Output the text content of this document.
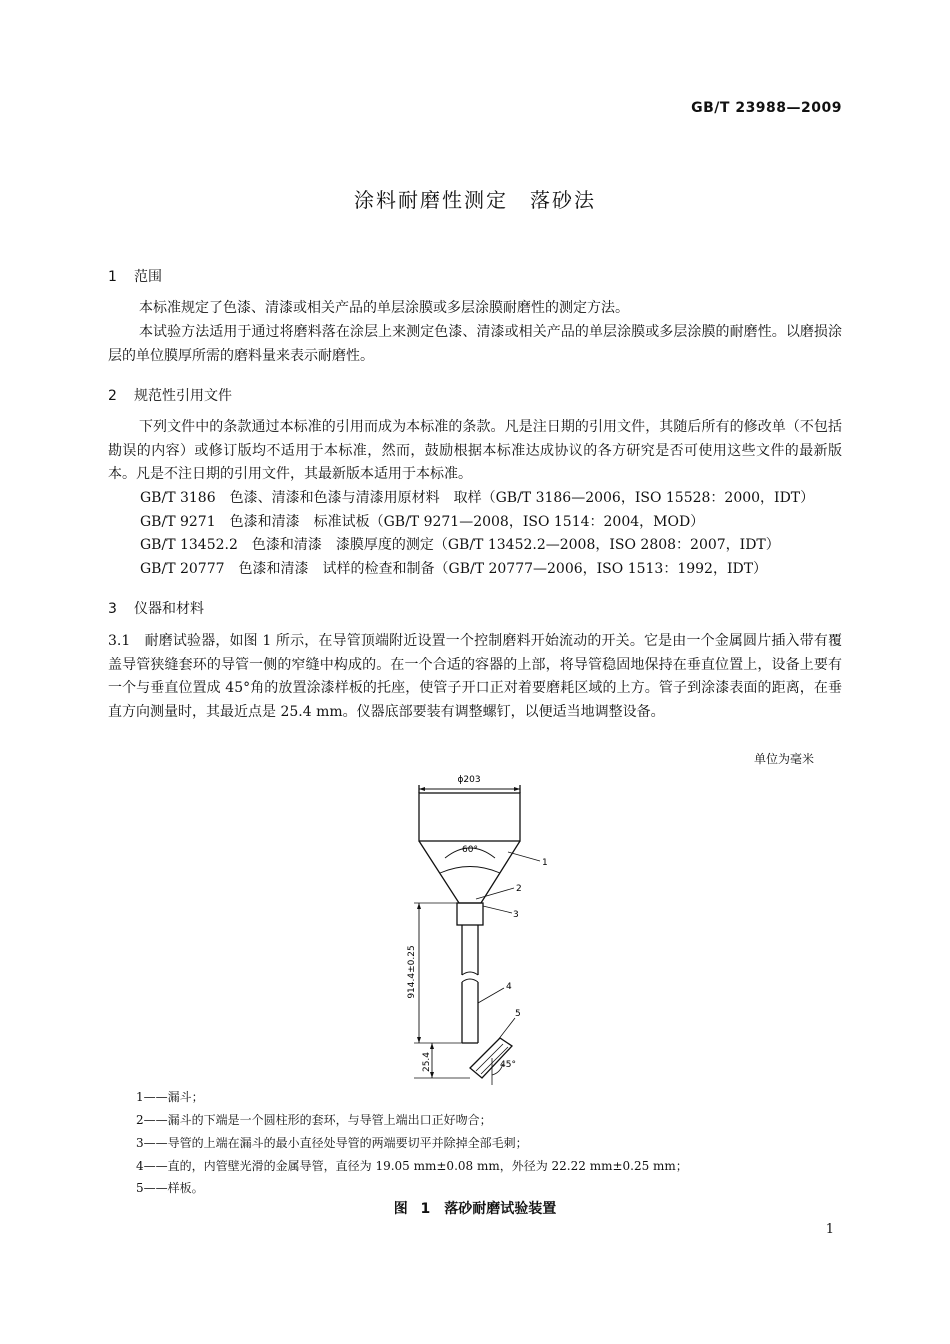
GB/T 23988—2009
涂料耐磨性测定　落砂法
1 范围
本标准规定了色漆、清漆或相关产品的单层涂膜或多层涂膜耐磨性的测定方法。
本试验方法适用于通过将磨料落在涂层上来测定色漆、清漆或相关产品的单层涂膜或多层涂膜的耐磨性。以磨损涂层的单位膜厚所需的磨料量来表示耐磨性。
2 规范性引用文件
下列文件中的条款通过本标准的引用而成为本标准的条款。凡是注日期的引用文件，其随后所有的修改单（不包括勘误的内容）或修订版均不适用于本标准，然而，鼓励根据本标准达成协议的各方研究是否可使用这些文件的最新版本。凡是不注日期的引用文件，其最新版本适用于本标准。
GB/T 3186　色漆、清漆和色漆与清漆用原材料　取样（GB/T 3186—2006，ISO 15528：2000，IDT）
GB/T 9271　色漆和清漆　标准试板（GB/T 9271—2008，ISO 1514：2004，MOD）
GB/T 13452.2　色漆和清漆　漆膜厚度的测定（GB/T 13452.2—2008，ISO 2808：2007，IDT）
GB/T 20777　色漆和清漆　试样的检查和制备（GB/T 20777—2006，ISO 1513：1992，IDT）
3 仪器和材料
3.1　耐磨试验器，如图 1 所示，在导管顶端附近设置一个控制磨料开始流动的开关。它是由一个金属圆片插入带有覆盖导管狭缝套环的导管一侧的窄缝中构成的。在一个合适的容器的上部，将导管稳固地保持在垂直位置上，设备上要有一个与垂直位置成 45°角的放置涂漆样板的托座，使管子开口正对着要磨耗区域的上方。管子到涂漆表面的距离，在垂直方向测量时，其最近点是 25.4 mm。仪器底部要装有调整螺钉，以便适当地调整设备。
单位为毫米
ϕ203
60°
914.4±0.25
25.4	45°
1
2
3
4
5
1——漏斗；
2——漏斗的下端是一个圆柱形的套环，与导管上端出口正好吻合；
3——导管的上端在漏斗的最小直径处导管的两端要切平并除掉全部毛刺；
4——直的，内管壁光滑的金属导管，直径为 19.05 mm±0.08 mm，外径为 22.22 mm±0.25 mm；
5——样板。
图 1　落砂耐磨试验装置
1
